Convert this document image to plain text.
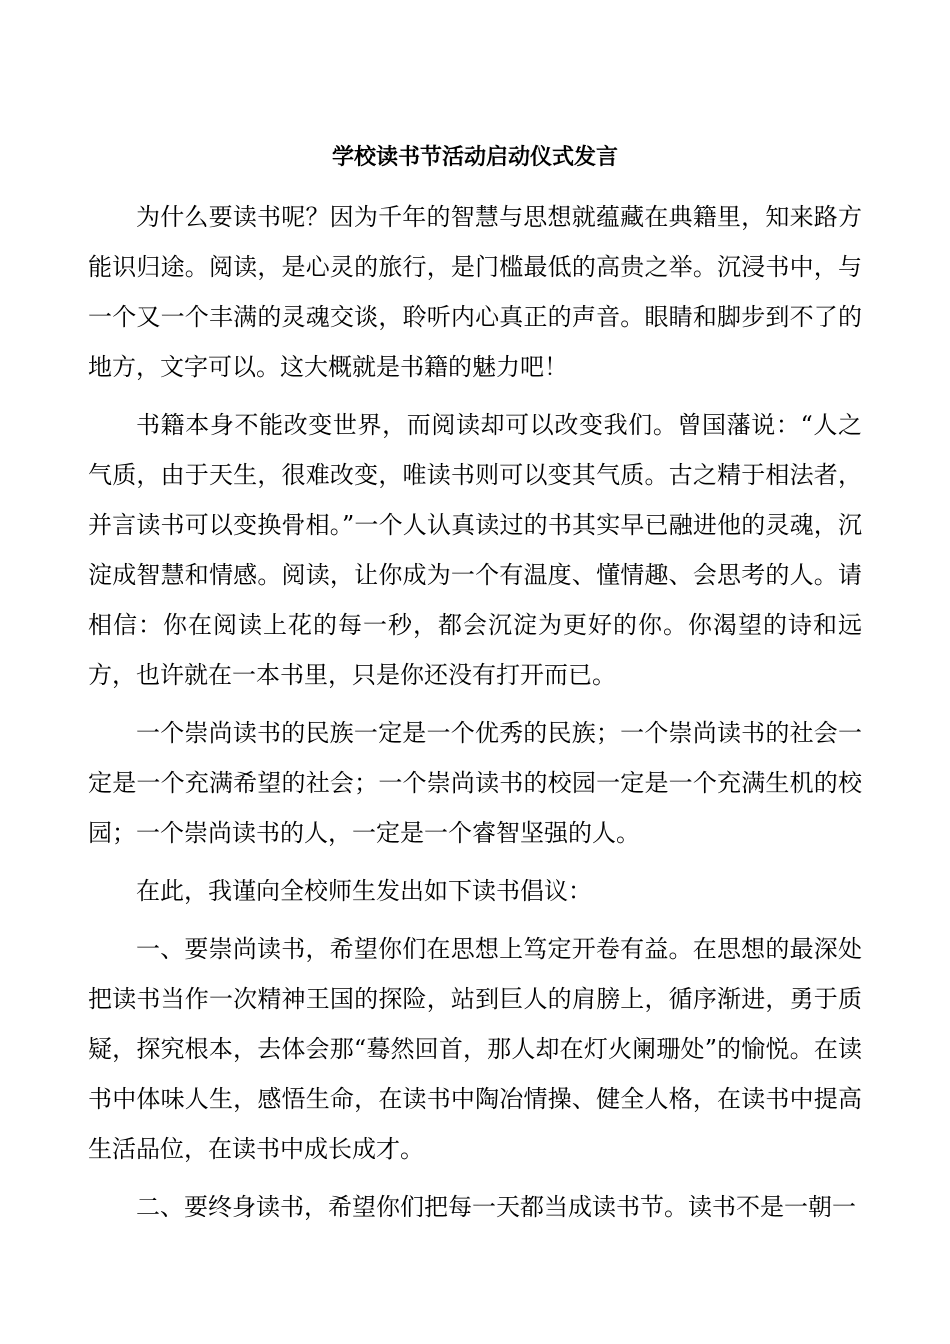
学校读书节活动启动仪式发言

为什么要读书呢？因为千年的智慧与思想就蕴藏在典籍里，知来路方能识归途。阅读，是心灵的旅行，是门槛最低的高贵之举。沉浸书中，与一个又一个丰满的灵魂交谈，聆听内心真正的声音。眼睛和脚步到不了的地方，文字可以。这大概就是书籍的魅力吧！

书籍本身不能改变世界，而阅读却可以改变我们。曾国藩说：“人之气质，由于天生，很难改变，唯读书则可以变其气质。古之精于相法者，并言读书可以变换骨相。”一个人认真读过的书其实早已融进他的灵魂，沉淀成智慧和情感。阅读，让你成为一个有温度、懂情趣、会思考的人。请相信：你在阅读上花的每一秒，都会沉淀为更好的你。你渴望的诗和远方，也许就在一本书里，只是你还没有打开而已。

一个崇尚读书的民族一定是一个优秀的民族；一个崇尚读书的社会一定是一个充满希望的社会；一个崇尚读书的校园一定是一个充满生机的校园；一个崇尚读书的人，一定是一个睿智坚强的人。

在此，我谨向全校师生发出如下读书倡议：

一、要崇尚读书，希望你们在思想上笃定开卷有益。在思想的最深处把读书当作一次精神王国的探险，站到巨人的肩膀上，循序渐进，勇于质疑，探究根本，去体会那“蓦然回首，那人却在灯火阑珊处”的愉悦。在读书中体味人生，感悟生命，在读书中陶冶情操、健全人格，在读书中提高生活品位，在读书中成长成才。

二、要终身读书，希望你们把每一天都当成读书节。读书不是一朝一
